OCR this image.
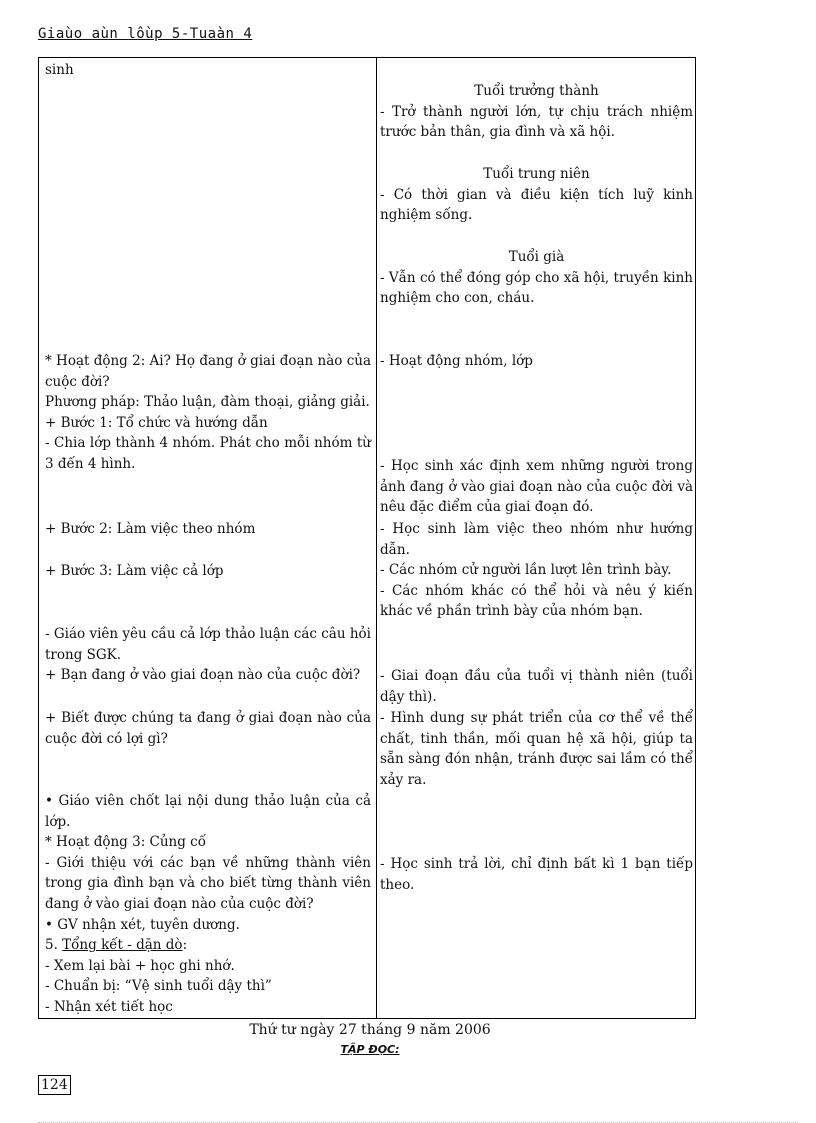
Giaùo aùn lôùp 5-Tuaàn 4

sinh

* Hoạt động 2: Ai? Họ đang ở giai đoạn nào của cuộc đời?

Phương pháp: Thảo luận, đàm thoại, giảng giải.

+ Bước 1: Tổ chức và hướng dẫn

- Chia lớp thành 4 nhóm. Phát cho mỗi nhóm từ 3 đến 4 hình.

+ Bước 2: Làm việc theo nhóm

+ Bước 3: Làm việc cả lớp

- Giáo viên yêu cầu cả lớp thảo luận các câu hỏi trong SGK.

+ Bạn đang ở vào giai đoạn nào của cuộc đời?

+ Biết được chúng ta đang ở giai đoạn nào của cuộc đời có lợi gì?

• Giáo viên chốt lại nội dung thảo luận của cả lớp.

* Hoạt động 3: Củng cố

- Giới thiệu với các bạn về những thành viên trong gia đình bạn và cho biết từng thành viên đang ở vào giai đoạn nào của cuộc đời?

• GV nhận xét, tuyên dương.

5. Tổng kết - dặn dò:

- Xem lại bài + học ghi nhớ.

- Chuẩn bị: “Vệ sinh tuổi dậy thì”

- Nhận xét tiết học

Tuổi trưởng thành

- Trở thành người lớn, tự chịu trách nhiệm trước bản thân, gia đình và xã hội.

Tuổi trung niên

- Có thời gian và điều kiện tích luỹ kinh nghiệm sống.

Tuổi già

- Vẫn có thể đóng góp cho xã hội, truyền kinh nghiệm cho con, cháu.

- Hoạt động nhóm, lớp

- Học sinh xác định xem những người trong ảnh đang ở vào giai đoạn nào của cuộc đời và nêu đặc điểm của giai đoạn đó.

- Học sinh làm việc theo nhóm như hướng dẫn.

- Các nhóm cử người lần lượt lên trình bày.

- Các nhóm khác có thể hỏi và nêu ý kiến khác về phần trình bày của nhóm bạn.

- Giai đoạn đầu của tuổi vị thành niên (tuổi dậy thì).

- Hình dung sự phát triển của cơ thể về thể chất, tinh thần, mối quan hệ xã hội, giúp ta sẵn sàng đón nhận, tránh được sai lầm có thể xảy ra.

- Học sinh trả lời, chỉ định bất kì 1 bạn tiếp theo.

Thứ tư ngày 27 tháng 9 năm 2006
TẬP ĐỌC:
124
